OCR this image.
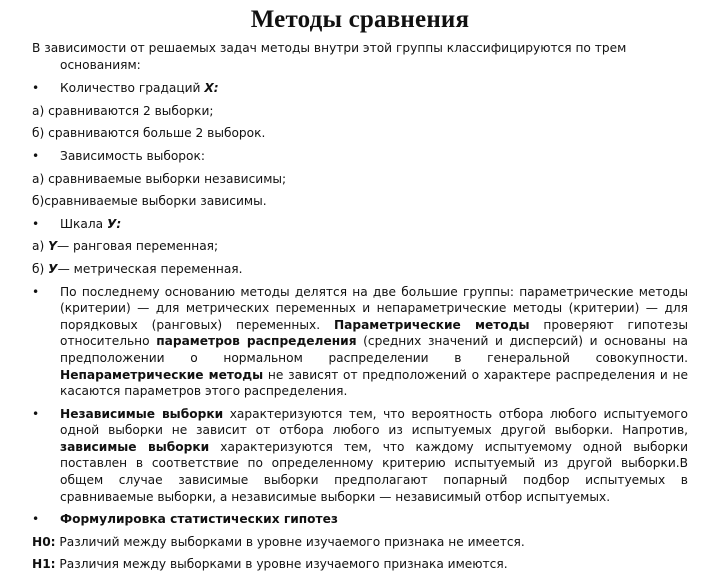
Методы сравнения
В зависимости от решаемых задач методы внутри этой группы классифицируются по трем
основаниям:
• Количество градаций Х:
а) сравниваются 2 выборки;
б) сравниваются больше 2 выборок.
• Зависимость выборок:
а) сравниваемые выборки независимы;
б)сравниваемые выборки зависимы.
• Шкала У:
а) Y— ранговая переменная;
б) У— метрическая переменная.
• По последнему основанию методы делятся на две большие группы: параметрические методы (критерии) — для метрических переменных и непараметрические методы (критерии) — для порядковых (ранговых) переменных. Параметрические методы проверяют гипотезы относительно параметров распределения (средних значений и дисперсий) и основаны на предположении о нормальном распределении в генеральной совокупности. Непараметрические методы не зависят от предположений о характере распределения и не касаются параметров этого распределения.
• Независимые выборки характеризуются тем, что вероятность отбора любого испытуемого одной выборки не зависит от отбора любого из испытуемых другой выборки. Напротив, зависимые выборки характеризуются тем, что каждому испытуемому одной выборки поставлен в соответствие по определенному критерию испытуемый из другой выборки.В общем случае зависимые выборки предполагают попарный подбор испытуемых в сравниваемые выборки, а независимые выборки — независимый отбор испытуемых.
• Формулировка статистических гипотез
Н0: Различий между выборками в уровне изучаемого признака не имеется.
Н1: Различия между выборками в уровне изучаемого признака имеются.
